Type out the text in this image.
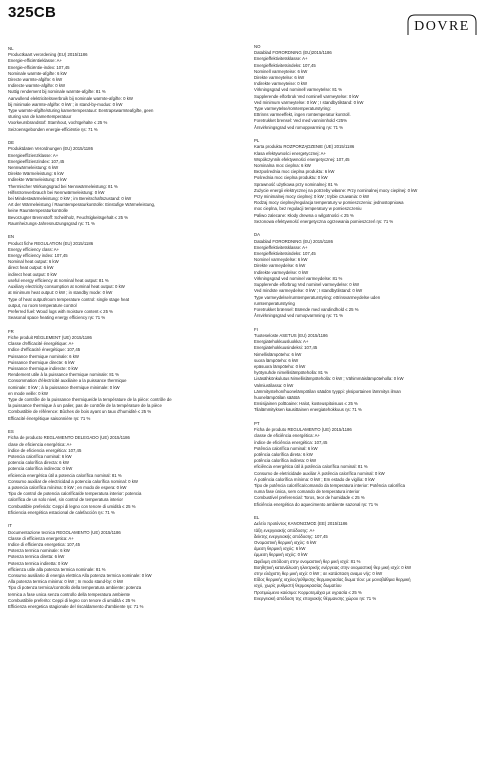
325CB
DOVRE
NL
Productkaart verordening (EU) 2015/1186
Energie-efficiëntieklasse: A+
Energie-efficiëntie-index: 107,45
Nominale warmte-afgifte: 6 kW
Directe warmte-afgifte: 6 kW
Indirecte warmte-afgifte: 0 kW
Nuttig rendement bij nominale warmte-afgifte: 81 %
Aanvullend elektriciteitsverbruik bij nominale warmte-afgifte: 0 kW
bij minimale warmte-afgifte: 0 kW ; in stand-by-modus: 0 kW
Type warmte-afgifte/sturing kamertemperatuur: Eentrapswarmteafgifte, geen
sturing van de kamertemperatuur
Voorkeursbrandstof: Stamhout, vochtgehalte ≤ 25 %
Seizoensgebonden energie-efficiëntie ηs: 71 %
DE
Produktdaten Verordnungen (EU) 2015/1186
Energieeffizienzklasse: A+
Energieeffizienzindex: 107,45
Nennwärmeleistung: 6 kW
Direkte Wärmeleistung: 6 kW
Indirekte Wärmeleistung: 0 kW
Thermischer Wirkungsgrad bei Nennwärmeleistung: 81 %
Hilfsstromverbrauch bei Nennwärmeleistung: 0 kW
bei Mindestwärmeleistung: 0 kW ; im Bereitschaftszustand: 0 kW
Art der Wärmeleistung / Raumtemperaturkontrolle: Einstufige Wärmeleistung,
keine Raumtemperaturkontrolle
Bevorzugter Brennstoff: Scheitholz, Feuchtigkeitsgehalt ≤ 25 %
Raumheizungs-Jahresnutzungsgrad ηs: 71 %
EN
Product fiche REGULATION (EU) 2015/1186
Energy efficiency class: A+
Energy efficiency index: 107,45
Nominal heat output: 6 kW
direct heat output: 6 kW
indirect heat output: 0 kW
useful energy efficiency at nominal heat output: 81 %
Auxiliary electricity consumption at nominal heat output: 0 kW
at minimum heat output: 0 kW ; in standby mode: 0 kW
Type of heat output/room temperature control: single stage heat
output, no room temperature control
Preferred fuel: Wood logs with moisture content ≤ 25 %
Seasonal space heating energy efficiency ηs: 71 %
FR
Fiche produit RÈGLEMENT (UE) 2015/1186
Classe d'efficacité énergétique: A+
Indice d'efficacité énergétique: 107,45
Puissance thermique nominale: 6 kW
Puissance thermique directe: 6 kW
Puissance thermique indirecte: 0 kW
Rendement utile à la puissance thermique nominale: 81 %
Consommation d'électricité auxiliaire a la puissance thermique
nominale: 0 kW ; à la puissance thermique minimale: 0 kW
en mode veille: 0 kW
Type de contrôle de la puissance thermique/de la température de la pièce: contrôle de
la puissance thermique à un palier, pas de contrôle de la température de la pièce
Combustible de référence: Bûches de bois ayant un taux d'humidité ≤ 25 %
Efficacité énergétique saisonnière ηs: 71 %
ES
Ficha de producto REGLAMENTO DELEGADO (UE) 2015/1186
clase de eficiencia energética: A+
índice de eficiencia energética: 107,45
Potencia calorífica nominal: 6 kW
potencia calorífica directa: 6 kW
potencia calorífica indirecta: 0 kW
eficiencia energética útil a potencia calorífica nominal: 81 %
Consumo auxiliar de electricidad a potencia calorífica nominal: 0 kW
a potencia calorífica mínima: 0 kW ; en modo de espera: 0 kW
Tipo de control de potencia calorífica/de temperatura interior: potencia
calorífica de un solo nivel, sin control de temperatura interior
Combustible preferido: Ceppi di legno con tenore di umidità ≤ 25 %
Eficiencia energética estacional de calefacción ηs: 71 %
IT
Documentazione tecnica REGOLAMENTO (UE) 2015/1186
Classe di efficienza energetica: A+
Indice di efficienza energetica: 107,45
Potenza termica nominale: 6 kW
Potenza termica diretta: 6 kW
Potenza termica indiretta: 0 kW
efficienza utile alla potenza termica nominale: 81 %
Consumo ausiliario di energia elettrica Alla potenza termica nominale: 0 kW
Alla potenza termica minima: 0 kW ; In modo stand-by: 0 kW
Tipo di potenza termica/controllo della temperatura ambiente: potenza
termica a fase unica senza controllo della temperatura ambiente
Combustibile preferito: Ceppi di legno con tenore di umidità ≤ 25 %
Efficienza energetica stagionale del riscaldamento d'ambiente ηs: 71 %
NO
Datablad FORORDNING (EU)2015/1186
Energieffektivitetsklasse: A+
Energieffektivitetsindeks: 107,45
Nominell varmeyteise: 6 kW
Direkte varmeytelse: 6 kW
Indirekte varmeyteise: 0 kW
Virkningsgrad ved nominell varmeytelse: 81 %
Supplerende elforbruk Ved nominell varmeytelse: 0 kW
Ved minimum varmeytelse: 0 kW ; I standbytilstand: 0 kW
Type varmeytelse/romtemperaturstyring:
Ettrinns varmeeffekt, ingen romtemperatur kontroll.
Foretrukket brensel: Ved med vanninnhold <25%
Årsvirkningsgrad ved romoppvarming ηs: 71 %
PL
Karta produktu ROZPORZĄDZENIE (UE) 2015/1186
Klasa efektywności energetycznej: A+
Współczynnik efektywności energetycznej: 107,45
Nominalna moc cieplna: 6 kW
Bezpośrednia moc cieplna produktu: 6 kW
Pośrednia moc cieplna produktu: 0 kW
Sprawność użytkowa przy nominalnej: 81 %
Zużycie energii elektrycznej na potrzeby własne: Przy nominalnej mocy cieplnej: 0 kW
Przy minimalnej mocy cieplnej: 0 kW ; trybie czuwania: 0 kW
Rodzaj mocy cieplnej/regulacja temperatury w pomieszczeniu: jednostopniowa
moc cieplna, bez regulacji temperatury w pomieszczeniu
Paliwo zalecane: Kłody drewna o wilgotności ≤ 25 %
Sezonowa efektywność energetyczna ogrzewania pomieszczeń ηs: 71 %
DA
Datablad FORORDNING (EU) 2015/1186
Energieffektivitetsklasse: A+
Energieffektivitetsindeks: 107,45
Nominel varmeydelse: 6 kW
Direkte varmeydelse: 6 kW
Indirekte varmeydelse: 0 kW
Virkningsgrad ved nominel varmeydelse: 81 %
Supplerende elforbrug Ved nominel varmeydelse: 0 kW
Ved mindste varmeydelse: 0 kW ; I standbytilstand: 0 kW
Type varmeydelse/rumtemperaturstyring: ettrinsvarmeydelse uden
rumtemperaturstyring
Foretrukket brænsel: Brænde med vandindhold ≤ 25 %
Årsvirkningsgrad ved rumopvarmning ηs: 71 %
FI
Tuoteseloste ASETUS (EU) 2015/1186
Energiatehokkuusluokka: A+
Energiatehokkuusindeksi: 107,45
Nimellislämpöteho: 6 kW
suora lämpöteho: 6 kW
epäsuora lämpöteho: 0 kW
hyötysuhde nimellislämpöteholla: 81 %
Lisäsähkönkulutus Nimellislämpöteholla: 0 kW ; Vähimmäislämpöteholla: 0 kW
Valmiustilassa: 0 kW
Lämmitystehon/huonelämpötilan säädön tyyppi: yksiportainen lämmitys ilman
huonelämpötilan säätöä
Ensisijainen polttoaine: Halot, kosteuspitoisuus ≤ 25 %
Tilalämmityksen kausittainen energiatehokkuus ηs: 71 %
PT
Ficha de produto REGULAMENTO (UE) 2015/1186
classe de eficiência energética: A+
índice de eficiência energética: 107,45
Potência calorífica nominal: 6 kW
potência calorífica direta: 6 kW
potência calorífica indireta: 0 kW
eficiência energética útil à potência calorífica nominal: 81 %
Consumo de eletricidade auxiliar À potência calorífica nominal: 0 kW
À potência calorífica mínima: 0 kW ; Em estado de vigília: 0 kW
Tipo de potência calorífica/comando da temperatura interior: Potência calorífica
numa fase única, sem comando de temperatura interior
Combustível preferencial: Toros, teor de humidade ≤ 25 %
Eficiência energética do aquecimento ambiente sazonal ηs: 71 %
EL
Δελτίο προϊόντος ΚΑΝΟΝΙΣΜΟΣ (ΕΕ) 2015/1186
τάξη ενεργειακής απόδοσης: A+
δείκτης ενεργειακής απόδοσης: 107,45
Ονομαστική θερμική ισχύς: 6 kW
άμεση θερμική ισχύς: 6 kW
έμμεση θερμική ισχύς: 0 kW
Ωφέλιμη απόδοση στην ονομαστική θερ μική ισχύ: 81 %
Βοηθητική κατανάλωση ηλεκτρικής ενέργειας στην ονομαστική θερ μική ισχύ: 0 kW
στην ελάχιστη θερ μική ισχύ: 0 kW ; σε κατάσταση αναμο νής: 0 kW
Είδος θερμικής ισχύος/ρύθμισης θερμοκρασίας δωμα τίου: με μονοβάθμια θερμική
ισχύ, χωρίς ρυθμιστή θερμοκρασίας δωματίου
Προτιμώμενο καύσιμο: Κορμοτεμάχια με υγρασία ≤ 25 %
Ενεργειακή απόδοση της εποχιακής θέρμανσης χώρου ηs: 71 %
